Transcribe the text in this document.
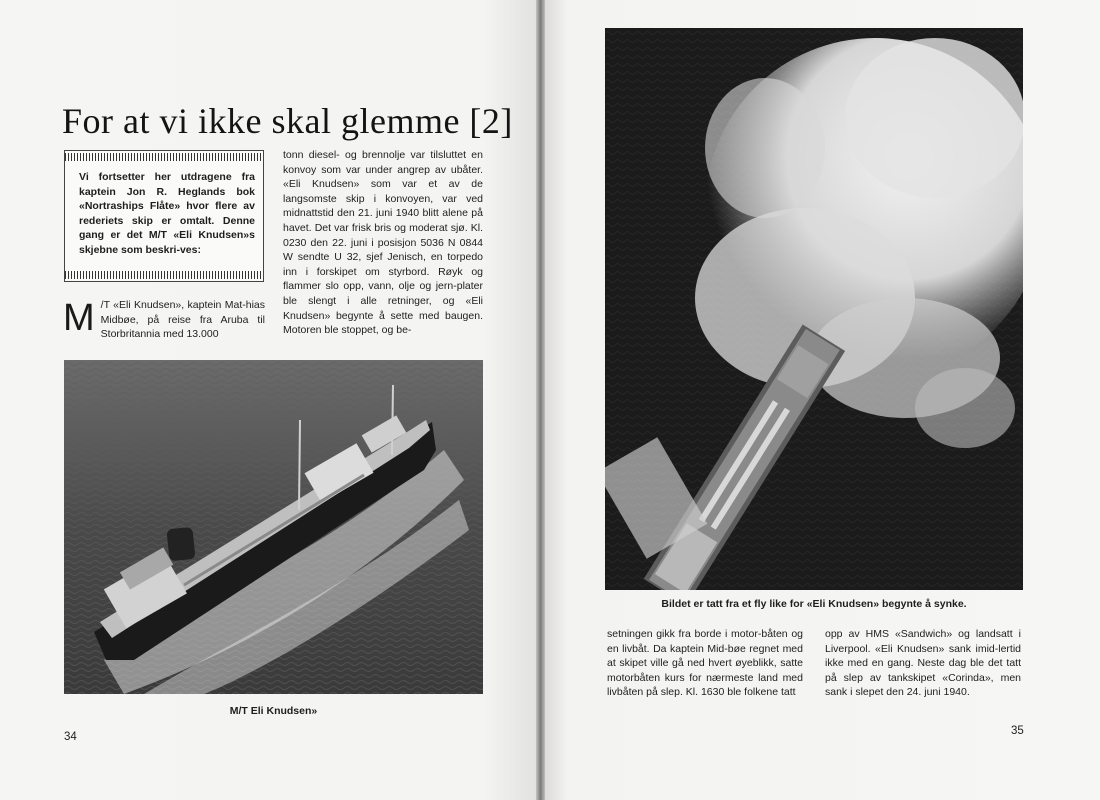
For at vi ikke skal glemme [2]

Vi fortsetter her utdragene fra kaptein Jon R. Heglands bok «Nortraships Flåte» hvor flere av rederiets skip er omtalt. Denne gang er det M/T «Eli Knudsen»s skjebne som beskri-ves:

tonn diesel- og brennolje var tilsluttet en konvoy som var under angrep av ubåter. «Eli Knudsen» som var et av de langsomste skip i konvoyen, var ved midnattstid den 21. juni 1940 blitt alene på havet. Det var frisk bris og moderat sjø. Kl. 0230 den 22. juni i posisjon 5036 N 0844 W sendte U 32, sjef Jenisch, en torpedo inn i forskipet om styrbord. Røyk og flammer slo opp, vann, olje og jern-plater ble slengt i alle retninger, og «Eli Knudsen» begynte å sette med baugen. Motoren ble stoppet, og be-

M /T «Eli Knudsen», kaptein Mat-hias Midbøe, på reise fra Aruba til Storbritannia med 13.000

M/T Eli Knudsen»

34

Bildet er tatt fra et fly like for «Eli Knudsen» begynte å synke.

setningen gikk fra borde i motor-båten og en livbåt. Da kaptein Mid-bøe regnet med at skipet ville gå ned hvert øyeblikk, satte motorbåten kurs for nærmeste land med livbåten på slep. Kl. 1630 ble folkene tatt

opp av HMS «Sandwich» og landsatt i Liverpool. «Eli Knudsen» sank imid-lertid ikke med en gang. Neste dag ble det tatt på slep av tankskipet «Corinda», men sank i slepet den 24. juni 1940.

35
